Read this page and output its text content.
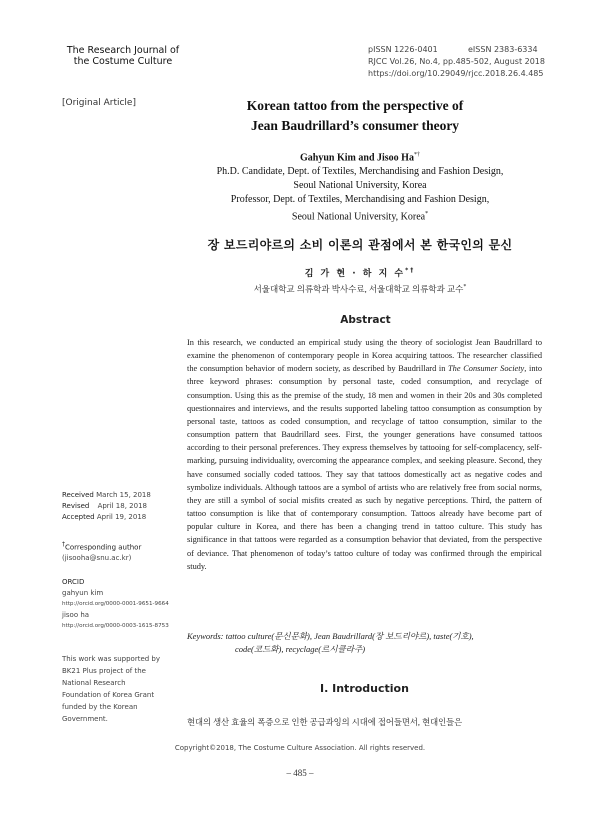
The Research Journal of
the Costume Culture
pISSN 1226-0401	eISSN 2383-6334
RJCC Vol.26, No.4, pp.485-502, August 2018
https://doi.org/10.29049/rjcc.2018.26.4.485
[Original Article]	Korean tattoo from the perspective of
Jean Baudrillard’s consumer theory
Gahyun Kim and Jisoo Ha*†
Ph.D. Candidate, Dept. of Textiles, Merchandising and Fashion Design,
Seoul National University, Korea
Professor, Dept. of Textiles, Merchandising and Fashion Design,
Seoul National University, Korea*
장 보드리야르의 소비 이론의 관점에서 본 한국인의 문신
김 가 현 · 하 지 수*†
서울대학교 의류학과 박사수료, 서울대학교 의류학과 교수*
Abstract
In this research, we conducted an empirical study using the theory of sociologist Jean Baudrillard to examine the phenomenon of contemporary people in Korea acquiring tattoos. The researcher classified the consumption behavior of modern society, as described by Baudrillard in The Consumer Society, into three keyword phrases: consumption by personal taste, coded consumption, and recyclage of consumption. Using this as the premise of the study, 18 men and women in their 20s and 30s completed questionnaires and interviews, and the results supported labeling tattoo consumption as consumption by personal taste, tattoos as coded consumption, and recyclage of tattoo consumption, similar to the consumption pattern that Baudrillard sees. First, the younger generations have consumed tattoos according to their personal preferences. They express themselves by tattooing for self-complacency, self-marking, pursuing individuality, overcoming the appearance complex, and seeking pleasure. Second, they have consumed socially coded tattoos. They say that tattoos domestically act as negative codes and symbolize individuals. Although tattoos are a symbol of artists who are relatively free from social norms, they are still a symbol of social misfits created as such by negative perceptions. Third, the pattern of tattoo consumption is like that of contemporary consumption. Tattoos already have become part of popular culture in Korea, and there has been a changing trend in tattoo culture. This study has significance in that tattoos were regarded as a consumption behavior that deviated, from the perspective of deviance. That phenomenon of today’s tattoo culture of today was confirmed through the empirical study.
Keywords: tattoo culture(문신문화), Jean Baudrillard(장 보드리야르), taste(기호),
code(코드화), recyclage(르시클라주)
I. Introduction
현대의 생산 효율의 폭증으로 인한 공급과잉의 시대에 접어들면서, 현대인들은
Received March 15, 2018
Revised April 18, 2018
Accepted April 19, 2018
†Corresponding author
(jisooha@snu.ac.kr)
ORCID
gahyun kim
http://orcid.org/0000-0001-9651-9664
jisoo ha
http://orcid.org/0000-0003-1615-8753
This work was supported by
BK21 Plus project of the
National Research
Foundation of Korea Grant
funded by the Korean
Government.
Copyright©2018, The Costume Culture Association. All rights reserved.
– 485 –
